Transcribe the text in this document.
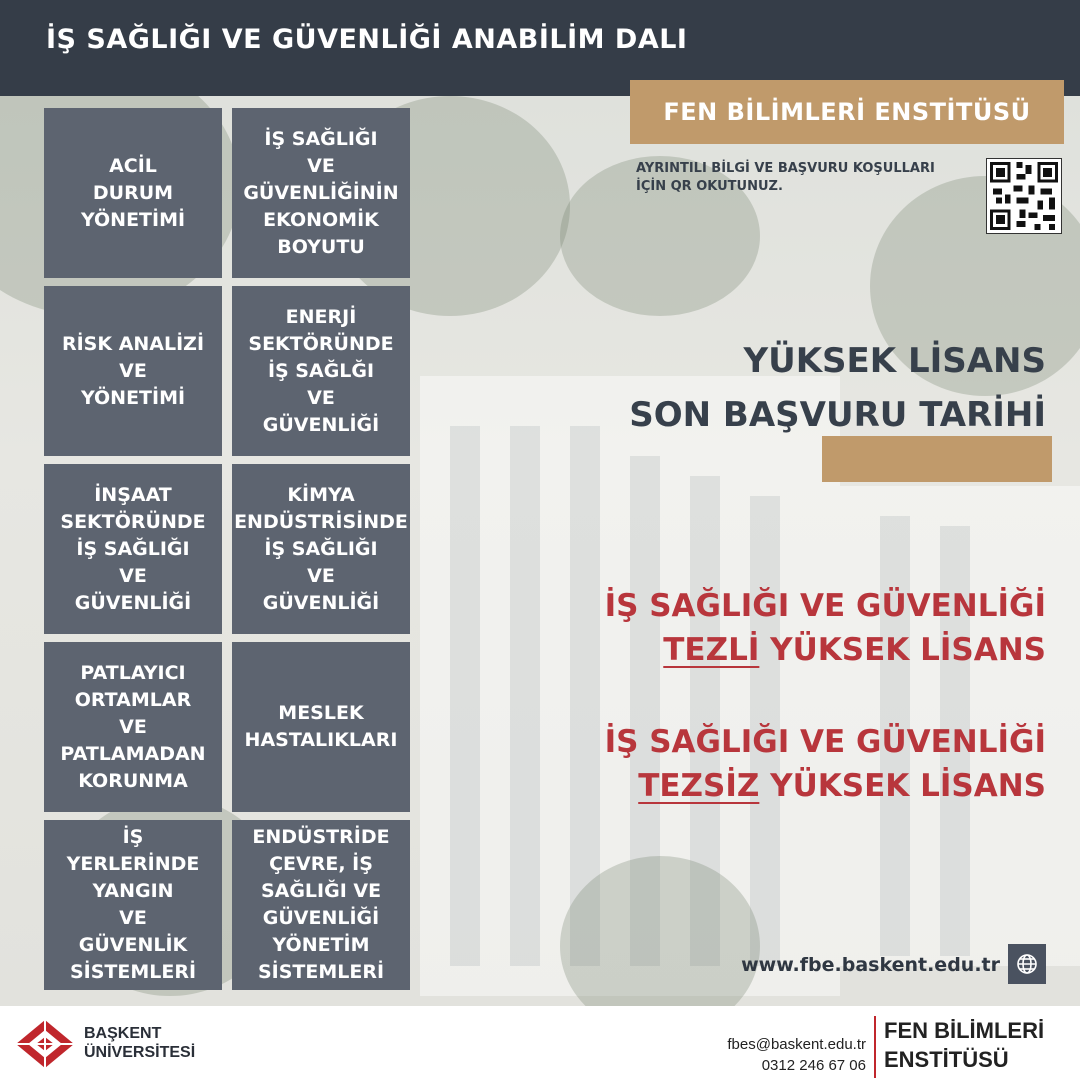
İŞ SAĞLIĞI VE GÜVENLİĞİ ANABİLİM DALI
FEN BİLİMLERİ ENSTİTÜSÜ
AYRINTILI BİLGİ VE BAŞVURU KOŞULLARI
İÇİN QR OKUTUNUZ.
ACİL
DURUM
YÖNETİMİ
İŞ SAĞLIĞI
VE
GÜVENLİĞİNİN
EKONOMİK
BOYUTU
RİSK ANALİZİ
VE
YÖNETİMİ
ENERJİ
SEKTÖRÜNDE
İŞ SAĞLĞI
VE
GÜVENLİĞİ
İNŞAAT
SEKTÖRÜNDE
İŞ SAĞLIĞI
VE
GÜVENLİĞİ
KİMYA
ENDÜSTRİSİNDE
İŞ SAĞLIĞI
VE
GÜVENLİĞİ
PATLAYICI
ORTAMLAR
VE
PATLAMADAN
KORUNMA
MESLEK
HASTALIKLARI
İŞ
YERLERİNDE
YANGIN
VE
GÜVENLİK
SİSTEMLERİ
ENDÜSTRİDE
ÇEVRE, İŞ
SAĞLIĞI VE
GÜVENLİĞİ
YÖNETİM
SİSTEMLERİ
YÜKSEK LİSANS
SON BAŞVURU TARİHİ
İŞ SAĞLIĞI VE GÜVENLİĞİ
TEZLİ YÜKSEK LİSANS
İŞ SAĞLIĞI VE GÜVENLİĞİ
TEZSİZ YÜKSEK LİSANS
www.fbe.baskent.edu.tr
BAŞKENT
ÜNİVERSİTESİ	fbes@baskent.edu.tr
0312 246 67 06
FEN BİLİMLERİ
ENSTİTÜSÜ
